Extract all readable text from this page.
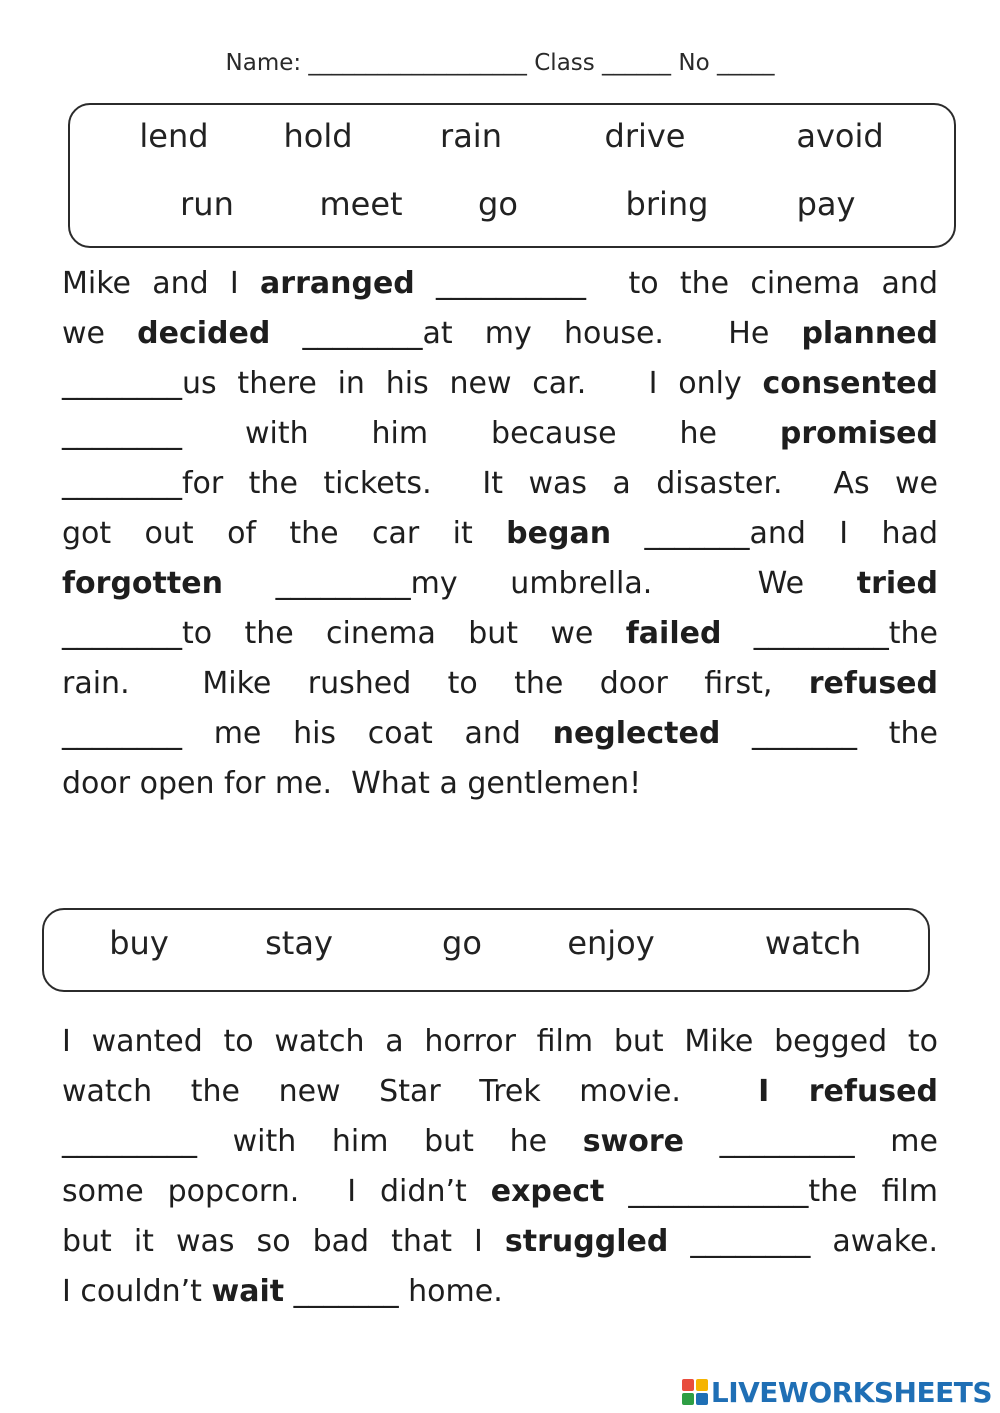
Name: ___________________ Class ______ No _____
lend hold	rain	drive	avoid
run	meet go	bring	pay
Mike and I arranged __________  to the cinema and
we decided ________at my house.  He planned
________us there in his new car.   I only consented
________ with him because he promised
________for the tickets.  It was a disaster.  As we
got out of the car it began _______and I had
forgotten _________my umbrella.  We tried
________to the cinema but we failed _________the
rain.  Mike rushed to the door first, refused
________ me his coat and neglected _______ the
door open for me.  What a gentlemen!
buy	stay	go	enjoy	watch
I wanted to watch a horror film but Mike begged to
watch the new Star Trek movie.  I refused
_________ with him but he swore _________ me
some popcorn.  I didn’t expect ____________the film
but it was so bad that I struggled ________ awake.
I couldn’t wait _______ home.
LIVEWORKSHEETS
